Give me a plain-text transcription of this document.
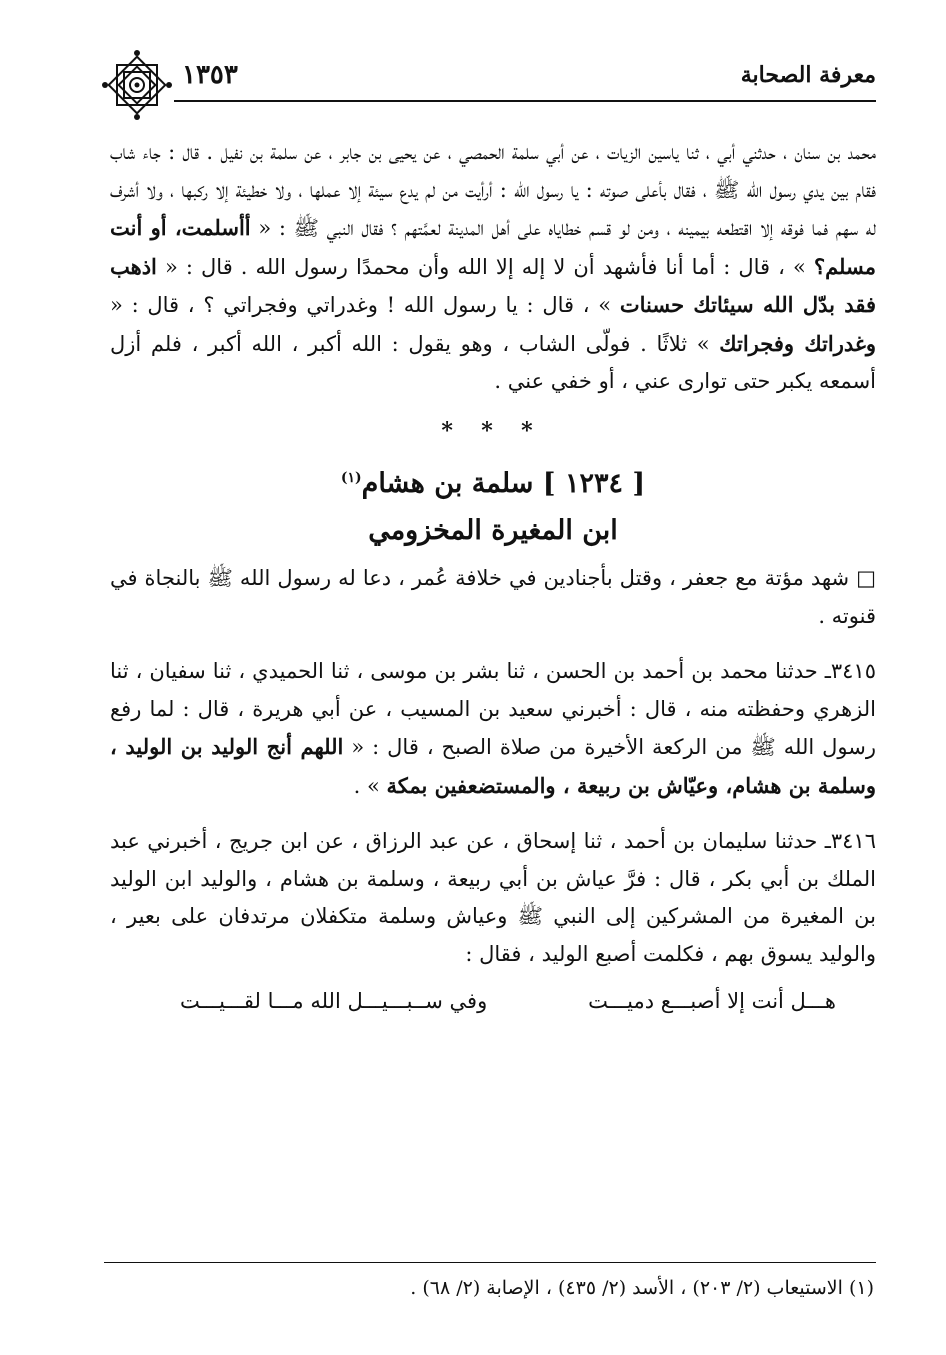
معرفة الصحابة
١٣٥٣

محمد بن سنان ، حدثني أبي ، ثنا ياسين الزيات ، عن أبي سلمة الحمصي ، عن يحيى بن جابر ، عن سلمة بن نفيل . قال : جاء شاب فقام بين يدي رسول الله ﷺ ، فقال بأعلى صوته : يا رسول الله : أرأيت من لم يدع سيئة إلا عملها ، ولا خطيئة إلا ركبها ، ولا أشرف له سهم فما فوقه إلا اقتطعه بيمينه ، ومن لو قسم خطاياه على أهل المدينة لعمَّتهم ؟ فقال النبي ﷺ : « أأسلمت، أو أنت مسلم؟ » ، قال : أما أنا فأشهد أن لا إله إلا الله وأن محمدًا رسول الله . قال : « اذهب فقد بدّل الله سيئاتك حسنات » ، قال : يا رسول الله ! وغدراتي وفجراتي ؟ ، قال : « وغدراتك وفجراتك » ثلاثًا . فولّى الشاب ، وهو يقول : الله أكبر ، الله أكبر ، فلم أزل أسمعه يكبر حتى توارى عني ، أو خفي عني .

* * *
[ ١٢٣٤ ] سلمة بن هشام$^{(١)}$
ابن المغيرة المخزومي

□ شهد مؤتة مع جعفر ، وقتل بأجنادين في خلافة عُمر ، دعا له رسول الله ﷺ بالنجاة في قنوته .

٣٤١٥ـ حدثنا محمد بن أحمد بن الحسن ، ثنا بشر بن موسى ، ثنا الحميدي ، ثنا سفيان ، ثنا الزهري وحفظته منه ، قال : أخبرني سعيد بن المسيب ، عن أبي هريرة ، قال : لما رفع رسول الله ﷺ من الركعة الأخيرة من صلاة الصبح ، قال : « اللهم أنج الوليد بن الوليد ، وسلمة بن هشام، وعيّاش بن ربيعة ، والمستضعفين بمكة » .

٣٤١٦ـ حدثنا سليمان بن أحمد ، ثنا إسحاق ، عن عبد الرزاق ، عن ابن جريج ، أخبرني عبد الملك بن أبي بكر ، قال : فرَّ عياش بن أبي ربيعة ، وسلمة بن هشام ، والوليد ابن الوليد بن المغيرة من المشركين إلى النبي ﷺ وعياش وسلمة متكفلان مرتدفان على بعير ، والوليد يسوق بهم ، فكلمت أصبع الوليد ، فقال :

هـــل أنت إلا أصبـــع دميـــت
وفي ســبـــيـــل الله مـــا لقـــيـــت
(١) الاستيعاب (٢/ ٢٠٣) ، الأسد (٢/ ٤٣٥) ، الإصابة (٢/ ٦٨) .
